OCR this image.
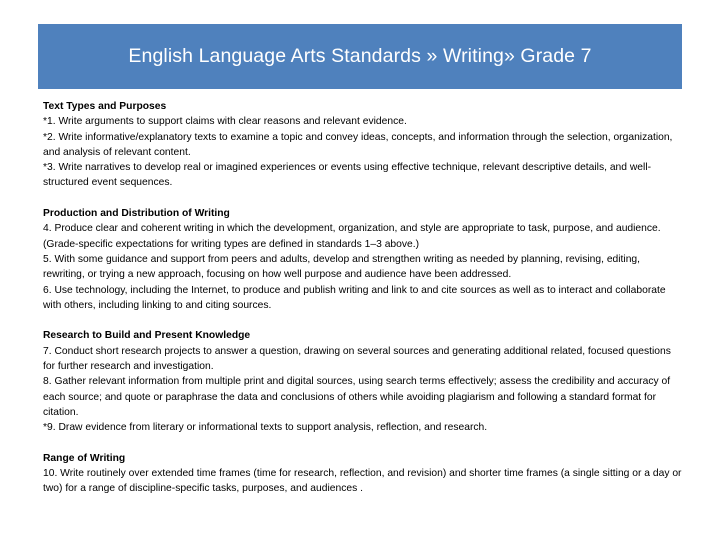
English Language Arts Standards » Writing» Grade 7
Text Types and Purposes
*1. Write arguments to support claims with clear reasons and relevant evidence.
*2. Write informative/explanatory texts to examine a topic and convey ideas, concepts, and information through the selection, organization, and analysis of relevant content.
*3. Write narratives to develop real or imagined experiences or events using effective technique, relevant descriptive details, and well-structured event sequences.
Production and Distribution of Writing
4. Produce clear and coherent writing in which the development, organization, and style are appropriate to task, purpose, and audience. (Grade-specific expectations for writing types are defined in standards 1–3 above.)
5. With some guidance and support from peers and adults, develop and strengthen writing as needed by planning, revising, editing, rewriting, or trying a new approach, focusing on how well purpose and audience have been addressed.
6. Use technology, including the Internet, to produce and publish writing and link to and cite sources as well as to interact and collaborate with others, including linking to and citing sources.
Research to Build and Present Knowledge
7. Conduct short research projects to answer a question, drawing on several sources and generating additional related, focused questions for further research and investigation.
8. Gather relevant information from multiple print and digital sources, using search terms effectively; assess the credibility and accuracy of each source; and quote or paraphrase the data and conclusions of others while avoiding plagiarism and following a standard format for citation.
*9. Draw evidence from literary or informational texts to support analysis, reflection, and research.
Range of Writing
10. Write routinely over extended time frames (time for research, reflection, and revision) and shorter time frames (a single sitting or a day or two) for a range of discipline-specific tasks, purposes, and audiences .
